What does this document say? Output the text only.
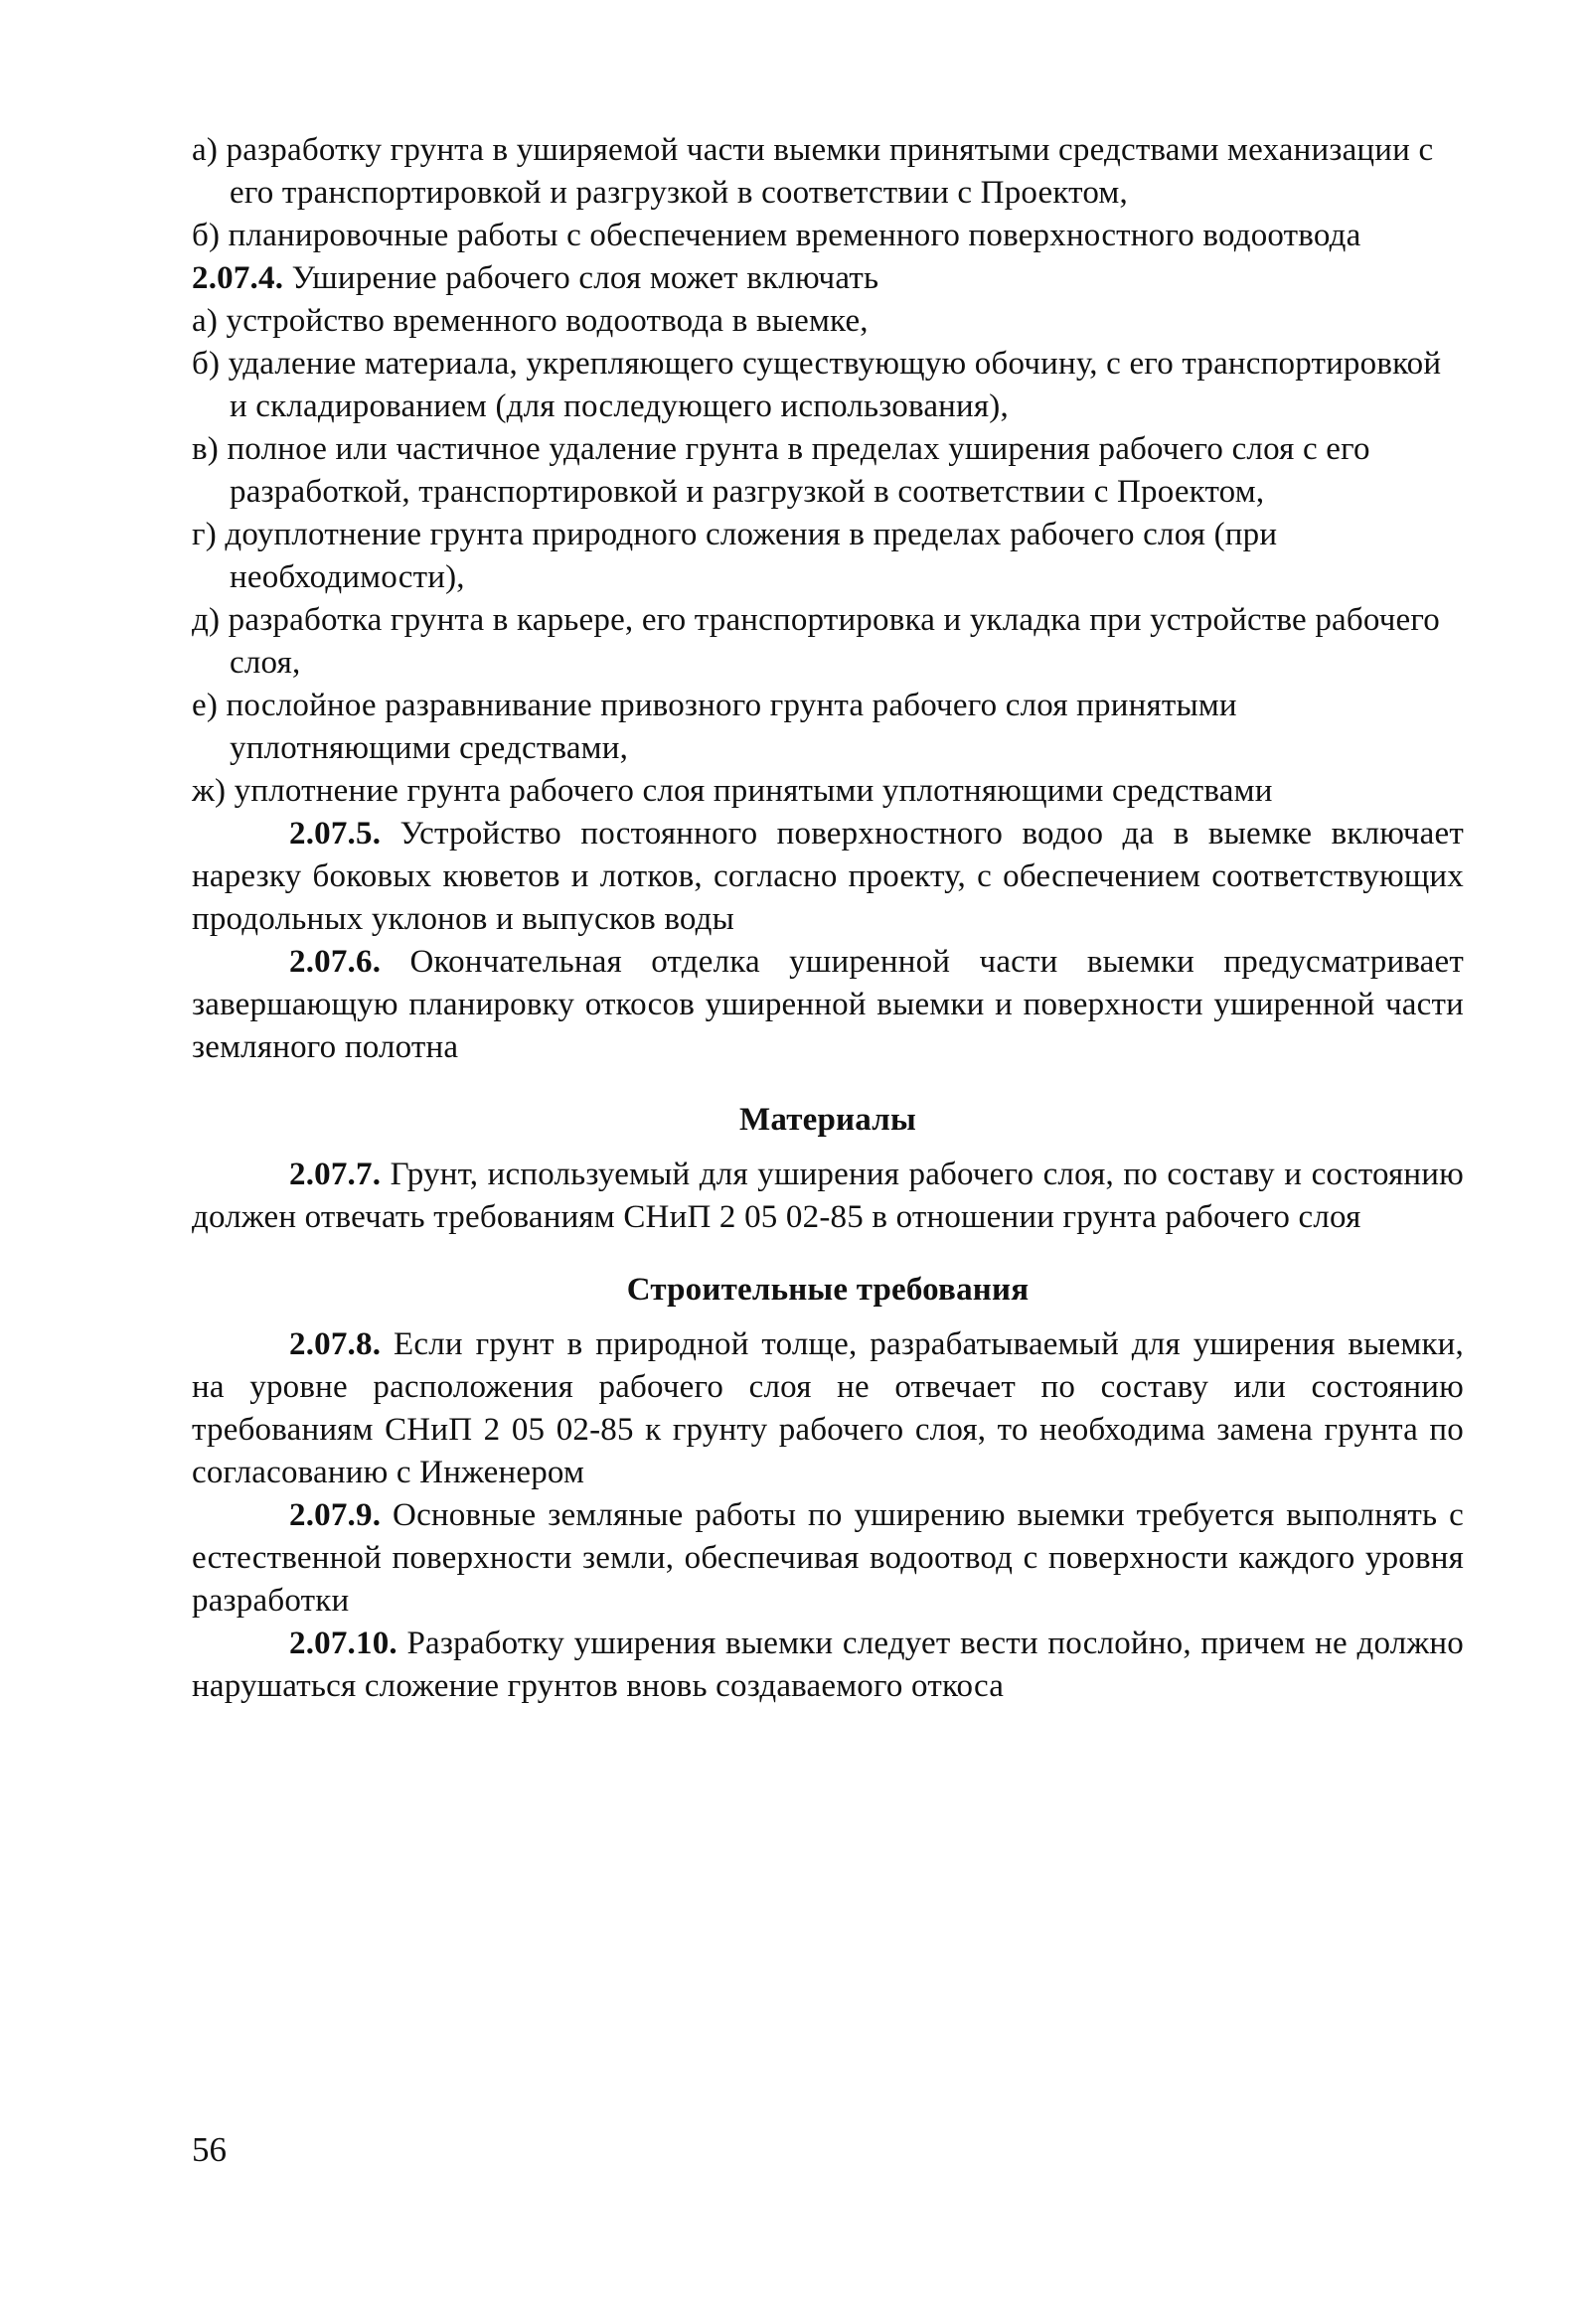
а) разработку грунта в уширяемой части выемки принятыми средствами механизации с его транспортировкой и разгрузкой в соответствии с Проектом,

б) планировочные работы с обеспечением временного поверхностного водоотвода

2.07.4. Уширение рабочего слоя может включать

а) устройство временного водоотвода в выемке,

б) удаление материала, укрепляющего существующую обочину, с его транспортировкой и складированием (для последующего использования),

в) полное или частичное удаление грунта в пределах уширения рабочего слоя с его разработкой, транспортировкой и разгрузкой в соответствии с Проектом,

г) доуплотнение грунта природного сложения в пределах рабочего слоя (при необходимости),

д) разработка грунта в карьере, его транспортировка и укладка при устройстве рабочего слоя,

е) послойное разравнивание привозного грунта рабочего слоя принятыми уплотняющими средствами,

ж) уплотнение грунта рабочего слоя принятыми уплотняющими средствами

2.07.5. Устройство постоянного поверхностного водоо да в выемке включает нарезку боковых кюветов и лотков, согласно проекту, с обеспечением соответствующих продольных уклонов и выпусков воды

2.07.6. Окончательная отделка уширенной части выемки предусматривает завершающую планировку откосов уширенной выемки и поверхности уширенной части земляного полотна

Материалы

2.07.7. Грунт, используемый для уширения рабочего слоя, по составу и состоянию должен отвечать требованиям СНиП 2 05 02-85 в отношении грунта рабочего слоя

Строительные требования

2.07.8. Если грунт в природной толще, разрабатываемый для уширения выемки, на уровне расположения рабочего слоя не отвечает по составу или состоянию требованиям СНиП 2 05 02-85 к грунту рабочего слоя, то необходима замена грунта по согласованию с Инженером

2.07.9. Основные земляные работы по уширению выемки требуется выполнять с естественной поверхности земли, обеспечивая водоотвод с поверхности каждого уровня разработки

2.07.10. Разработку уширения выемки следует вести послойно, причем не должно нарушаться сложение грунтов вновь создаваемого откоса

56
